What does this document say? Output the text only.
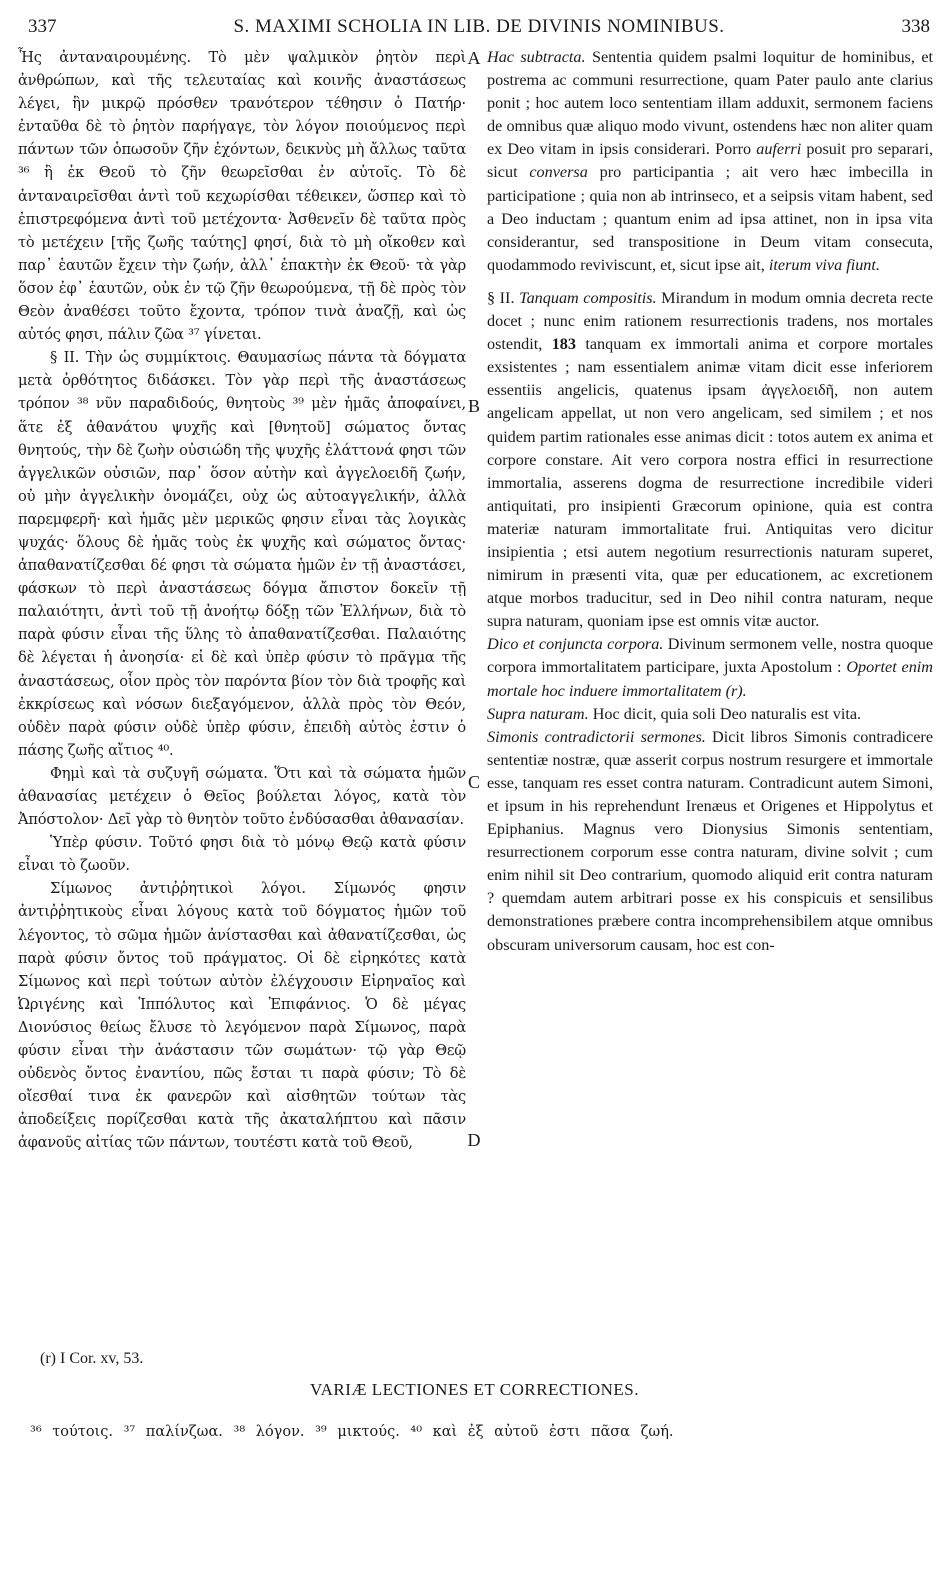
337	S. MAXIMI SCHOLIA IN LIB. DE DIVINIS NOMINIBUS.	338
A
B
C
D

Ἧς ἀνταναιρουμένης. Τὸ μὲν ψαλμικὸν ῥητὸν περὶ ἀνθρώπων, καὶ τῆς τελευταίας καὶ κοινῆς ἀναστάσεως λέγει, ἣν μικρῷ πρόσθεν τρανότερον τέθησιν ὁ Πατήρ· ἐνταῦθα δὲ τὸ ῥητὸν παρήγαγε, τὸν λόγον ποιούμενος περὶ πάντων τῶν ὁπωσοῦν ζῆν ἐχόντων, δεικνὺς μὴ ἄλλως ταῦτα ³⁶ ἢ ἐκ Θεοῦ τὸ ζῆν θεωρεῖσθαι ἐν αὐτοῖς. Τὸ δὲ ἀνταναιρεῖσθαι ἀντὶ τοῦ κεχωρίσθαι τέθεικεν, ὥσπερ καὶ τὸ ἐπιστρεφόμενα ἀντὶ τοῦ μετέχοντα· Ἀσθενεῖν δὲ ταῦτα πρὸς τὸ μετέχειν [τῆς ζωῆς ταύτης] φησί, διὰ τὸ μὴ οἴκοθεν καὶ παρ᾽ ἑαυτῶν ἔχειν τὴν ζωήν, ἀλλ᾽ ἐπακτὴν ἐκ Θεοῦ· τὰ γὰρ ὅσον ἐφ᾽ ἑαυτῶν, οὐκ ἐν τῷ ζῆν θεωρούμενα, τῇ δὲ πρὸς τὸν Θεὸν ἀναθέσει τοῦτο ἔχοντα, τρόπον τινὰ ἀναζῇ, καὶ ὡς αὐτός φησι, πάλιν ζῶα ³⁷ γίνεται.

§ II. Τὴν ὡς συμμίκτοις. Θαυμασίως πάντα τὰ δόγματα μετὰ ὀρθότητος διδάσκει. Τὸν γὰρ περὶ τῆς ἀναστάσεως τρόπον ³⁸ νῦν παραδιδούς, θνητοὺς ³⁹ μὲν ἡμᾶς ἀποφαίνει, ἅτε ἐξ ἀθανάτου ψυχῆς καὶ [θνητοῦ] σώματος ὄντας θνητούς, τὴν δὲ ζωὴν οὐσιώδη τῆς ψυχῆς ἐλάττονά φησι τῶν ἀγγελικῶν οὐσιῶν, παρ᾽ ὅσον αὐτὴν καὶ ἀγγελοειδῆ ζωήν, οὐ μὴν ἀγγελικὴν ὀνομάζει, οὐχ ὡς αὐτοαγγελικήν, ἀλλὰ παρεμφερῆ· καὶ ἡμᾶς μὲν μερικῶς φησιν εἶναι τὰς λογικὰς ψυχάς· ὅλους δὲ ἡμᾶς τοὺς ἐκ ψυχῆς καὶ σώματος ὄντας· ἀπαθανατίζεσθαι δέ φησι τὰ σώματα ἡμῶν ἐν τῇ ἀναστάσει, φάσκων τὸ περὶ ἀναστάσεως δόγμα ἄπιστον δοκεῖν τῇ παλαιότητι, ἀντὶ τοῦ τῇ ἀνοήτῳ δόξῃ τῶν Ἑλλήνων, διὰ τὸ παρὰ φύσιν εἶναι τῆς ὕλης τὸ ἀπαθανατίζεσθαι. Παλαιότης δὲ λέγεται ἡ ἀνοησία· εἰ δὲ καὶ ὑπὲρ φύσιν τὸ πρᾶγμα τῆς ἀναστάσεως, οἷον πρὸς τὸν παρόντα βίον τὸν διὰ τροφῆς καὶ ἐκκρίσεως καὶ νόσων διεξαγόμενον, ἀλλὰ πρὸς τὸν Θεόν, οὐδὲν παρὰ φύσιν οὐδὲ ὑπὲρ φύσιν, ἐπειδὴ αὐτὸς ἐστιν ὁ πάσης ζωῆς αἴτιος ⁴⁰.

Φημὶ καὶ τὰ συζυγῆ σώματα. Ὅτι καὶ τὰ σώματα ἡμῶν ἀθανασίας μετέχειν ὁ Θεῖος βούλεται λόγος, κατὰ τὸν Ἀπόστολον· Δεῖ γὰρ τὸ θνητὸν τοῦτο ἐνδύσασθαι ἀθανασίαν.

Ὑπὲρ φύσιν. Τοῦτό φησι διὰ τὸ μόνῳ Θεῷ κατὰ φύσιν εἶναι τὸ ζωοῦν.

Σίμωνος ἀντιῤῥητικοὶ λόγοι. Σίμωνός φησιν ἀντιῤῥητικοὺς εἶναι λόγους κατὰ τοῦ δόγματος ἡμῶν τοῦ λέγοντος, τὸ σῶμα ἡμῶν ἀνίστασθαι καὶ ἀθανατίζεσθαι, ὡς παρὰ φύσιν ὄντος τοῦ πράγματος. Οἱ δὲ εἰρηκότες κατὰ Σίμωνος καὶ περὶ τούτων αὐτὸν ἐλέγχουσιν Εἰρηναῖος καὶ Ὠριγένης καὶ Ἱππόλυτος καὶ Ἐπιφάνιος. Ὁ δὲ μέγας Διονύσιος θείως ἔλυσε τὸ λεγόμενον παρὰ Σίμωνος, παρὰ φύσιν εἶναι τὴν ἀνάστασιν τῶν σωμάτων· τῷ γὰρ Θεῷ οὐδενὸς ὄντος ἐναντίου, πῶς ἔσται τι παρὰ φύσιν; Τὸ δὲ οἴεσθαί τινα ἐκ φανερῶν καὶ αἰσθητῶν τούτων τὰς ἀποδείξεις πορίζεσθαι κατὰ τῆς ἀκαταλήπτου καὶ πᾶσιν ἀφανοῦς αἰτίας τῶν πάντων, τουτέστι κατὰ τοῦ Θεοῦ,

Hac subtracta. Sententia quidem psalmi loquitur de hominibus, et postrema ac communi resurrectione, quam Pater paulo ante clarius ponit ; hoc autem loco sententiam illam adduxit, sermonem faciens de omnibus quæ aliquo modo vivunt, ostendens hæc non aliter quam ex Deo vitam in ipsis considerari. Porro auferri posuit pro separari, sicut conversa pro participantia ; ait vero hæc imbecilla in participatione ; quia non ab intrinseco, et a seipsis vitam habent, sed a Deo inductam ; quantum enim ad ipsa attinet, non in ipsa vita considerantur, sed transpositione in Deum vitam consecuta, quodammodo reviviscunt, et, sicut ipse ait, iterum viva fiunt.

§ II. Tanquam compositis. Mirandum in modum omnia decreta recte docet ; nunc enim rationem resurrectionis tradens, nos mortales ostendit, 183 tanquam ex immortali anima et corpore mortales exsistentes ; nam essentialem animæ vitam dicit esse inferiorem essentiis angelicis, quatenus ipsam ἀγγελοειδῆ, non autem angelicam appellat, ut non vero angelicam, sed similem ; et nos quidem partim rationales esse animas dicit : totos autem ex anima et corpore constare. Ait vero corpora nostra effici in resurrectione immortalia, asserens dogma de resurrectione incredibile videri antiquitati, pro insipienti Græcorum opinione, quia est contra materiæ naturam immortalitate frui. Antiquitas vero dicitur insipientia ; etsi autem negotium resurrectionis naturam superet, nimirum in præsenti vita, quæ per educationem, ac excretionem atque morbos traducitur, sed in Deo nihil contra naturam, neque supra naturam, quoniam ipse est omnis vitæ auctor.

Dico et conjuncta corpora. Divinum sermonem velle, nostra quoque corpora immortalitatem participare, juxta Apostolum : Oportet enim mortale hoc induere immortalitatem (r).

Supra naturam. Hoc dicit, quia soli Deo naturalis est vita.

Simonis contradictorii sermones. Dicit libros Simonis contradicere sententiæ nostræ, quæ asserit corpus nostrum resurgere et immortale esse, tanquam res esset contra naturam. Contradicunt autem Simoni, et ipsum in his reprehendunt Irenæus et Origenes et Hippolytus et Epiphanius. Magnus vero Dionysius Simonis sententiam, resurrectionem corporum esse contra naturam, divine solvit ; cum enim nihil sit Deo contrarium, quomodo aliquid erit contra naturam ? quemdam autem arbitrari posse ex his conspicuis et sensilibus demonstrationes præbere contra incomprehensibilem atque omnibus obscuram universorum causam, hoc est con-

(r) I Cor. xv, 53.
VARIÆ LECTIONES ET CORRECTIONES.
³⁶ τούτοις. ³⁷ παλίνζωα. ³⁸ λόγον. ³⁹ μικτούς. ⁴⁰ καὶ ἐξ αὐτοῦ ἐστι πᾶσα ζωή.
